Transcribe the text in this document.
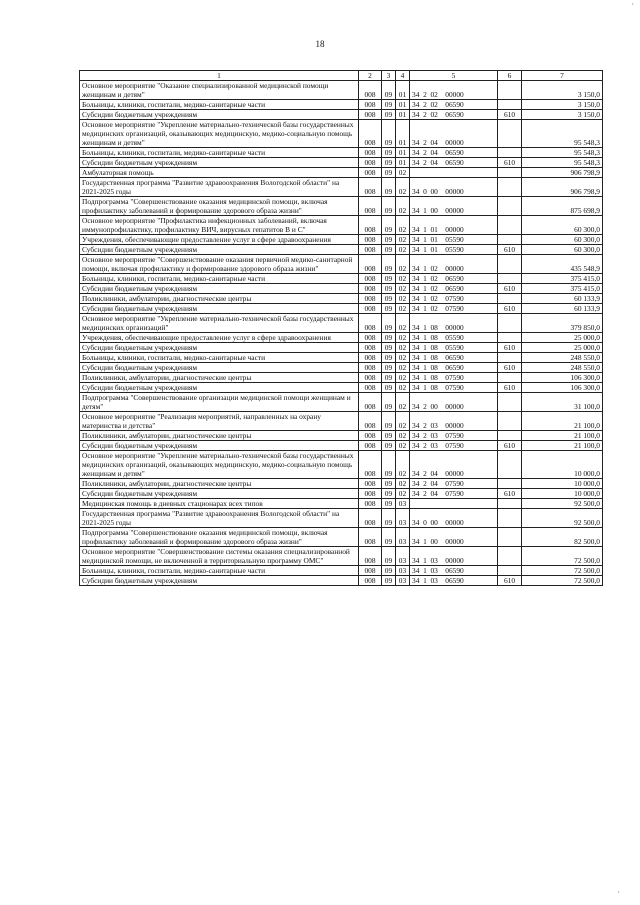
·
18
1	2	3	4	5	6	7
Основное мероприятие "Оказание специализированной медицинской помощи женщинам и детям"	008	09	01	34  2  02    00000		3 150,0
Больницы, клиники, госпитали, медико-санитарные части	008	09	01	34  2  02    06590		3 150,0
Субсидии бюджетным учреждениям	008	09	01	34  2  02    06590	610	3 150,0
Основное мероприятие "Укрепление материально-технической базы государственных медицинских организаций, оказывающих медицинскую, медико-социальную помощь женщинам и детям"	008	09	01	34  2  04    00000		95 548,3
Больницы, клиники, госпитали, медико-санитарные части	008	09	01	34  2  04    06590		95 548,3
Субсидии бюджетным учреждениям	008	09	01	34  2  04    06590	610	95 548,3
Амбулаторная помощь	008	09	02			906 798,9
Государственная программа "Развитие здравоохранения Вологодской области" на 2021-2025 годы	008	09	02	34  0  00    00000		906 798,9
Подпрограмма "Совершенствование оказания медицинской помощи, включая профилактику заболеваний и формирование здорового образа жизни"	008	09	02	34  1  00    00000		875 698,9
Основное мероприятие "Профилактика инфекционных заболеваний, включая иммунопрофилактику, профилактику ВИЧ, вирусных гепатитов В и С"	008	09	02	34  1  01    00000		60 300,0
Учреждения, обеспечивающие предоставление услуг в сфере здравоохранения	008	09	02	34  1  01    05590		60 300,0
Субсидии бюджетным учреждениям	008	09	02	34  1  01    05590	610	60 300,0
Основное мероприятие "Совершенствование оказания первичной медико-санитарной помощи, включая профилактику и формирование здорового образа жизни"	008	09	02	34  1  02    00000		435 548,9
Больницы, клиники, госпитали, медико-санитарные части	008	09	02	34  1  02    06590		375 415,0
Субсидии бюджетным учреждениям	008	09	02	34  1  02    06590	610	375 415,0
Поликлиники, амбулатории, диагностические центры	008	09	02	34  1  02    07590		60 133,9
Субсидии бюджетным учреждениям	008	09	02	34  1  02    07590	610	60 133,9
Основное мероприятие "Укрепление материально-технической базы государственных медицинских организаций"	008	09	02	34  1  08    00000		379 850,0
Учреждения, обеспечивающие предоставление услуг в сфере здравоохранения	008	09	02	34  1  08    05590		25 000,0
Субсидии бюджетным учреждениям	008	09	02	34  1  08    05590	610	25 000,0
Больницы, клиники, госпитали, медико-санитарные части	008	09	02	34  1  08    06590		248 550,0
Субсидии бюджетным учреждениям	008	09	02	34  1  08    06590	610	248 550,0
Поликлиники, амбулатории, диагностические центры	008	09	02	34  1  08    07590		106 300,0
Субсидии бюджетным учреждениям	008	09	02	34  1  08    07590	610	106 300,0
Подпрограмма "Совершенствование организации медицинской помощи женщинам и детям"	008	09	02	34  2  00    00000		31 100,0
Основное мероприятие "Реализация мероприятий, направленных на охрану материнства и детства"	008	09	02	34  2  03    00000		21 100,0
Поликлиники, амбулатории, диагностические центры	008	09	02	34  2  03    07590		21 100,0
Субсидии бюджетным учреждениям	008	09	02	34  2  03    07590	610	21 100,0
Основное мероприятие "Укрепление материально-технической базы государственных медицинских организаций, оказывающих медицинскую, медико-социальную помощь женщинам и детям"	008	09	02	34  2  04    00000		10 000,0
Поликлиники, амбулатории, диагностические центры	008	09	02	34  2  04    07590		10 000,0
Субсидии бюджетным учреждениям	008	09	02	34  2  04    07590	610	10 000,0
Медицинская помощь в дневных стационарах всех типов	008	09	03			92 500,0
Государственная программа "Развитие здравоохранения Вологодской области" на 2021-2025 годы	008	09	03	34  0  00    00000		92 500,0
Подпрограмма "Совершенствование оказания медицинской помощи, включая профилактику заболеваний и формирование здорового образа жизни"	008	09	03	34  1  00    00000		82 500,0
Основное мероприятие "Совершенствование системы оказания специализированной медицинской помощи, не включенной в территориальную программу ОМС"	008	09	03	34  1  03    00000		72 500,0
Больницы, клиники, госпитали, медико-санитарные части	008	09	03	34  1  03    06590		72 500,0
Субсидии бюджетным учреждениям	008	09	03	34  1  03    06590	610	72 500,0
·
